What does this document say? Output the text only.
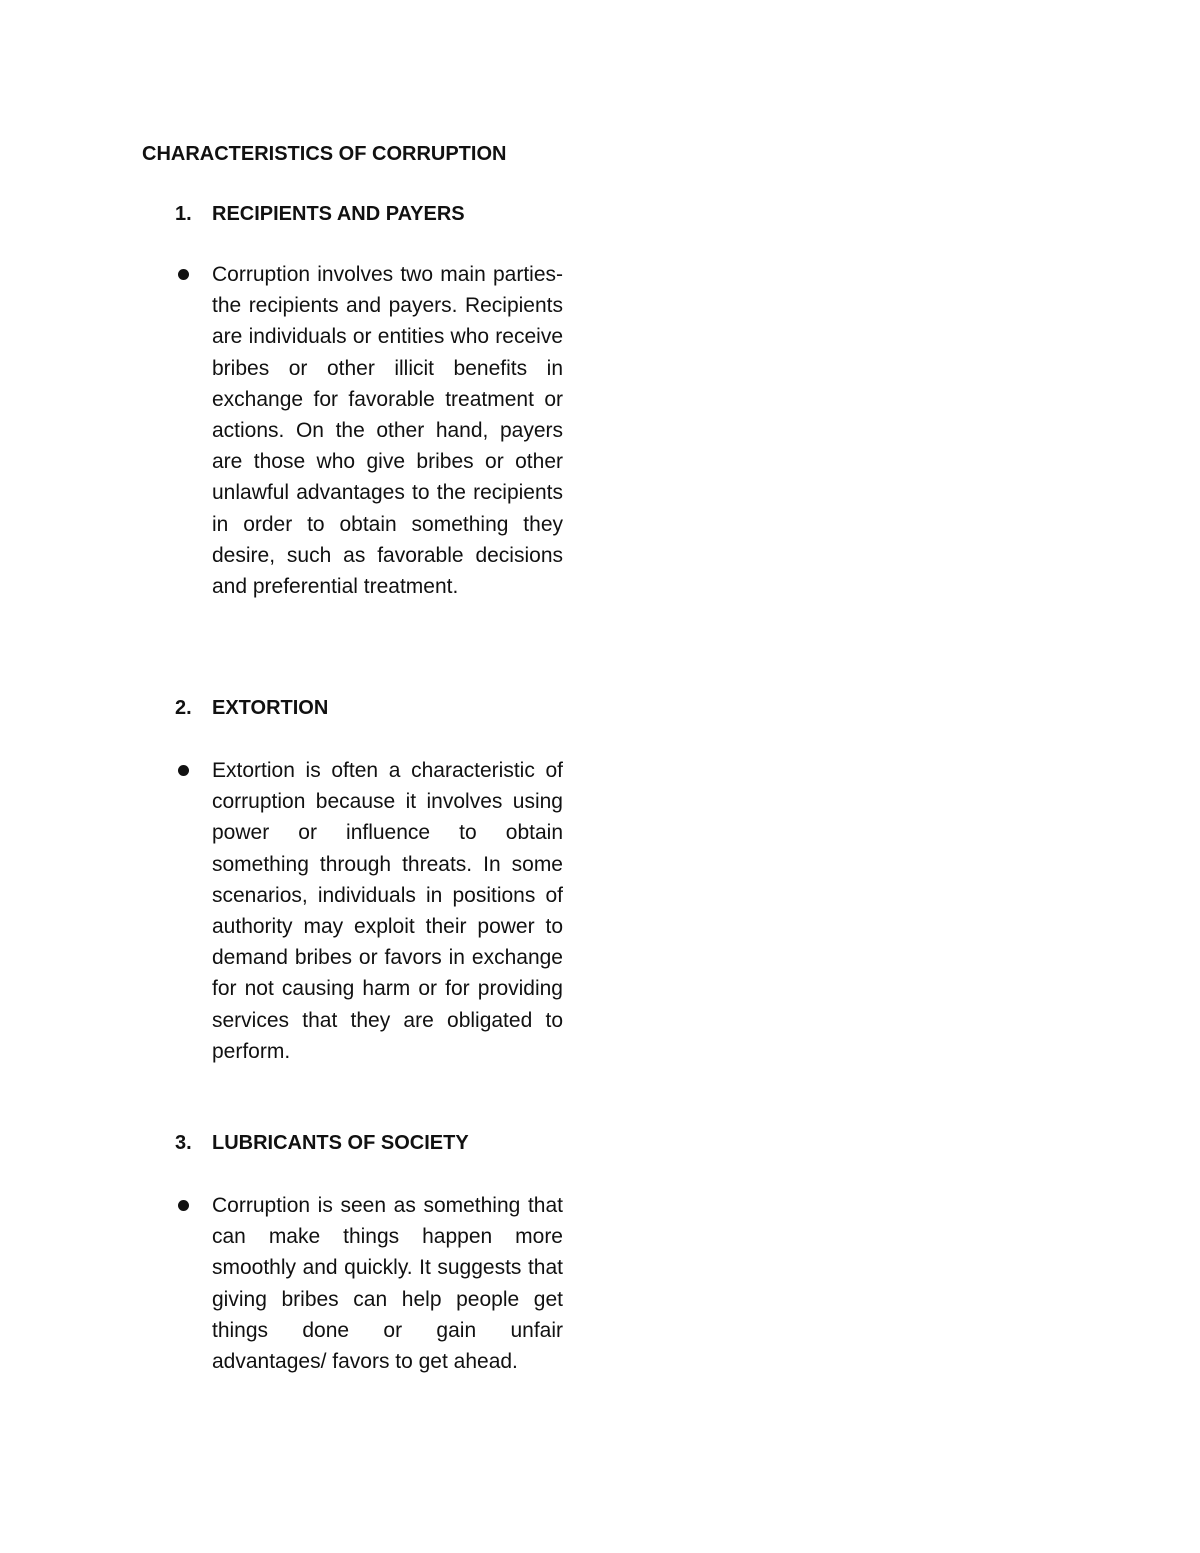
CHARACTERISTICS OF CORRUPTION
1. RECIPIENTS AND PAYERS

Corruption involves two main parties- the recipients and payers. Recipients are individuals or entities who receive bribes or other illicit benefits in exchange for favorable treatment or actions. On the other hand, payers are those who give bribes or other unlawful advantages to the recipients in order to obtain something they desire, such as favorable decisions and preferential treatment.

2. EXTORTION

Extortion is often a characteristic of corruption because it involves using power or influence to obtain something through threats. In some scenarios, individuals in positions of authority may exploit their power to demand bribes or favors in exchange for not causing harm or for providing services that they are obligated to perform.

3. LUBRICANTS OF SOCIETY

Corruption is seen as something that can make things happen more smoothly and quickly. It suggests that giving bribes can help people get things done or gain unfair advantages/ favors to get ahead.
